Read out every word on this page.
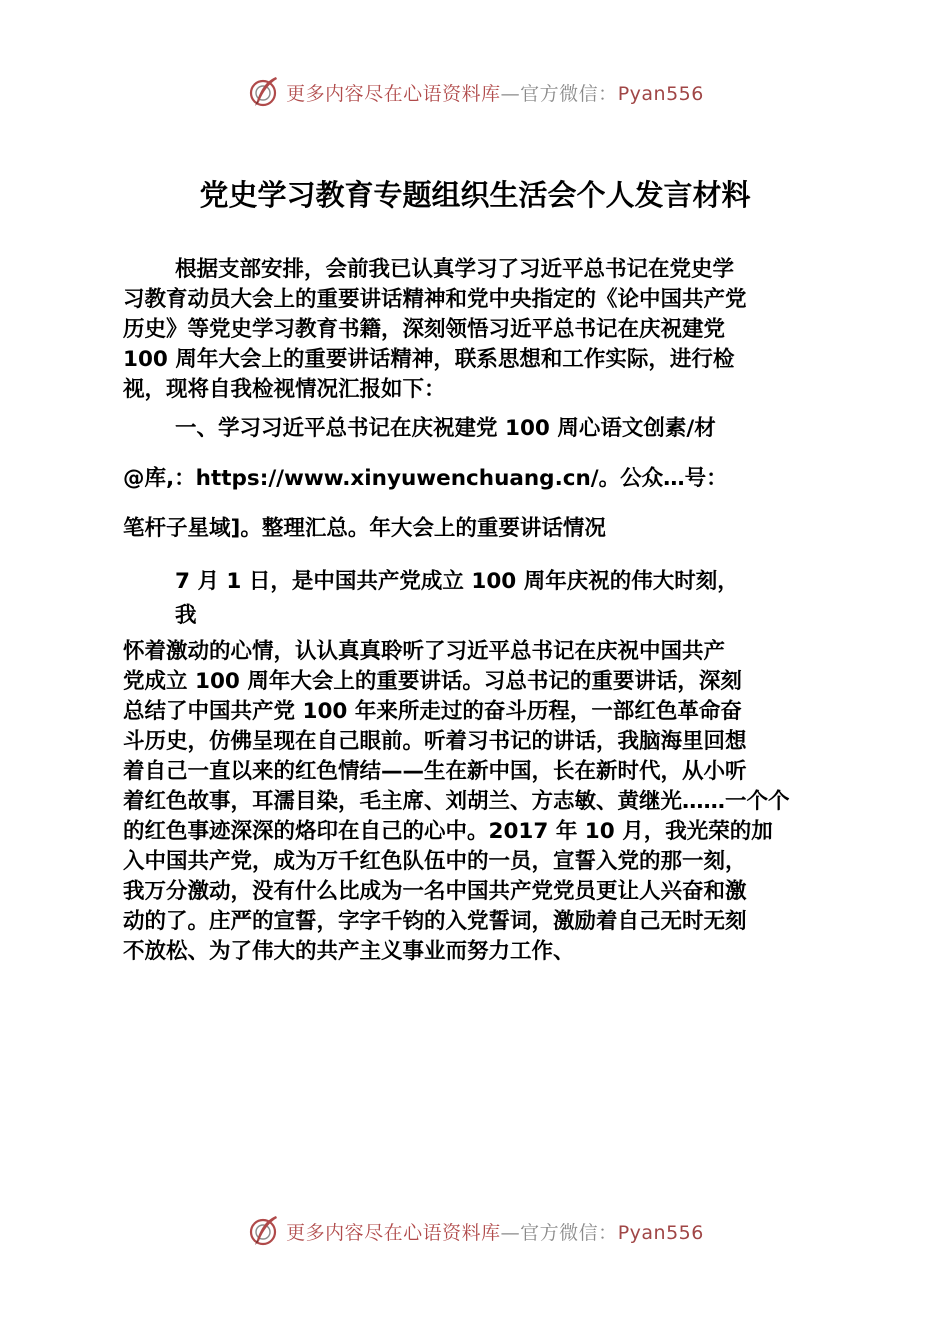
更多内容尽在心语资料库—官方微信：Pyan556
党史学习教育专题组织生活会个人发言材料
根据支部安排，会前我已认真学习了习近平总书记在党史学
习教育动员大会上的重要讲话精神和党中央指定的《论中国共产党
历史》等党史学习教育书籍，深刻领悟习近平总书记在庆祝建党
100 周年大会上的重要讲话精神，联系思想和工作实际，进行检
视，现将自我检视情况汇报如下：
一、学习习近平总书记在庆祝建党 100 周心语文创素/材
@库,：https://www.xinyuwenchuang.cn/。公众…号：
笔杆子星域]。整理汇总。年大会上的重要讲话情况
7 月 1 日，是中国共产党成立 100 周年庆祝的伟大时刻，
我
怀着激动的心情，认认真真聆听了习近平总书记在庆祝中国共产
党成立 100 周年大会上的重要讲话。习总书记的重要讲话，深刻
总结了中国共产党 100 年来所走过的奋斗历程，一部红色革命奋
斗历史，仿佛呈现在自己眼前。听着习书记的讲话，我脑海里回想
着自己一直以来的红色情结——生在新中国，长在新时代，从小听
着红色故事，耳濡目染，毛主席、刘胡兰、方志敏、黄继光……一个个
的红色事迹深深的烙印在自己的心中。2017 年 10 月，我光荣的加
入中国共产党，成为万千红色队伍中的一员，宣誓入党的那一刻，
我万分激动，没有什么比成为一名中国共产党党员更让人兴奋和激
动的了。庄严的宣誓，字字千钧的入党誓词，激励着自己无时无刻
不放松、为了伟大的共产主义事业而努力工作、
更多内容尽在心语资料库—官方微信：Pyan556
